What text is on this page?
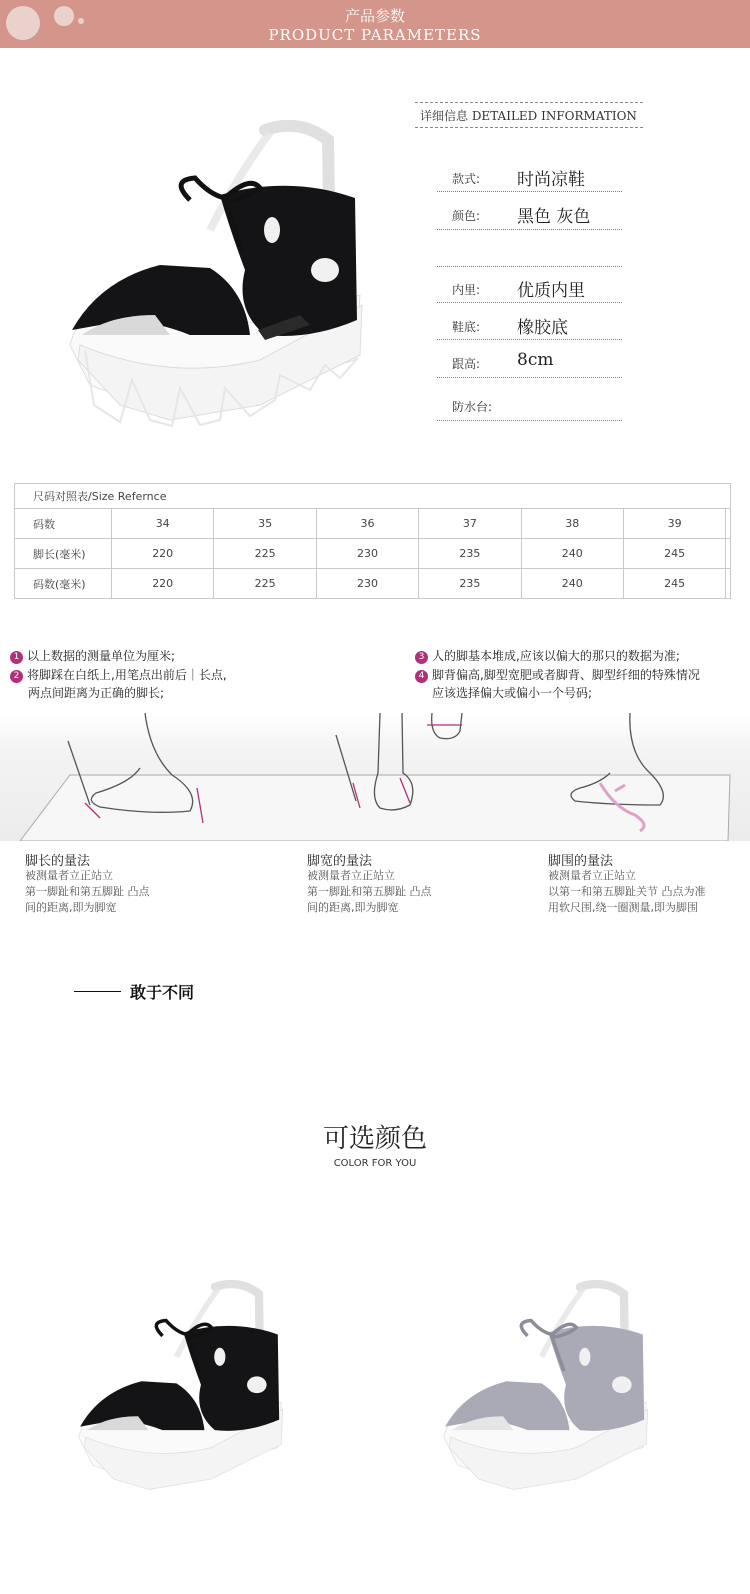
产品参数
PRODUCT PARAMETERS
详细信息 DETAILED INFORMATION
款式: 时尚凉鞋
颜色: 黑色 灰色
内里: 优质内里
鞋底: 橡胶底
跟高: 8cm
防水台:
尺码对照表/Size Refernce							
码数	34	35	36	37	38	39	
脚长(毫米)	220	225	230	235	240	245	
码数(毫米)	220	225	230	235	240	245	
1 以上数据的测量单位为厘米;
2 将脚踩在白纸上,用笔点出前后｜长点,
两点间距离为正确的脚长;
3 人的脚基本堆成,应该以偏大的那只的数据为准;
4 脚背偏高,脚型宽肥或者脚背、脚型纤细的特殊情况
应该选择偏大或偏小一个号码;
脚长的量法
被测量者立正站立
第一脚趾和第五脚趾 凸点
间的距离,即为脚宽
脚宽的量法
被测量者立正站立
第一脚趾和第五脚趾 凸点
间的距离,即为脚宽
脚围的量法
被测量者立正站立
以第一和第五脚趾关节 凸点为准
用软尺围,绕一圈测量,即为脚围
敢于不同
可选颜色
COLOR FOR YOU
